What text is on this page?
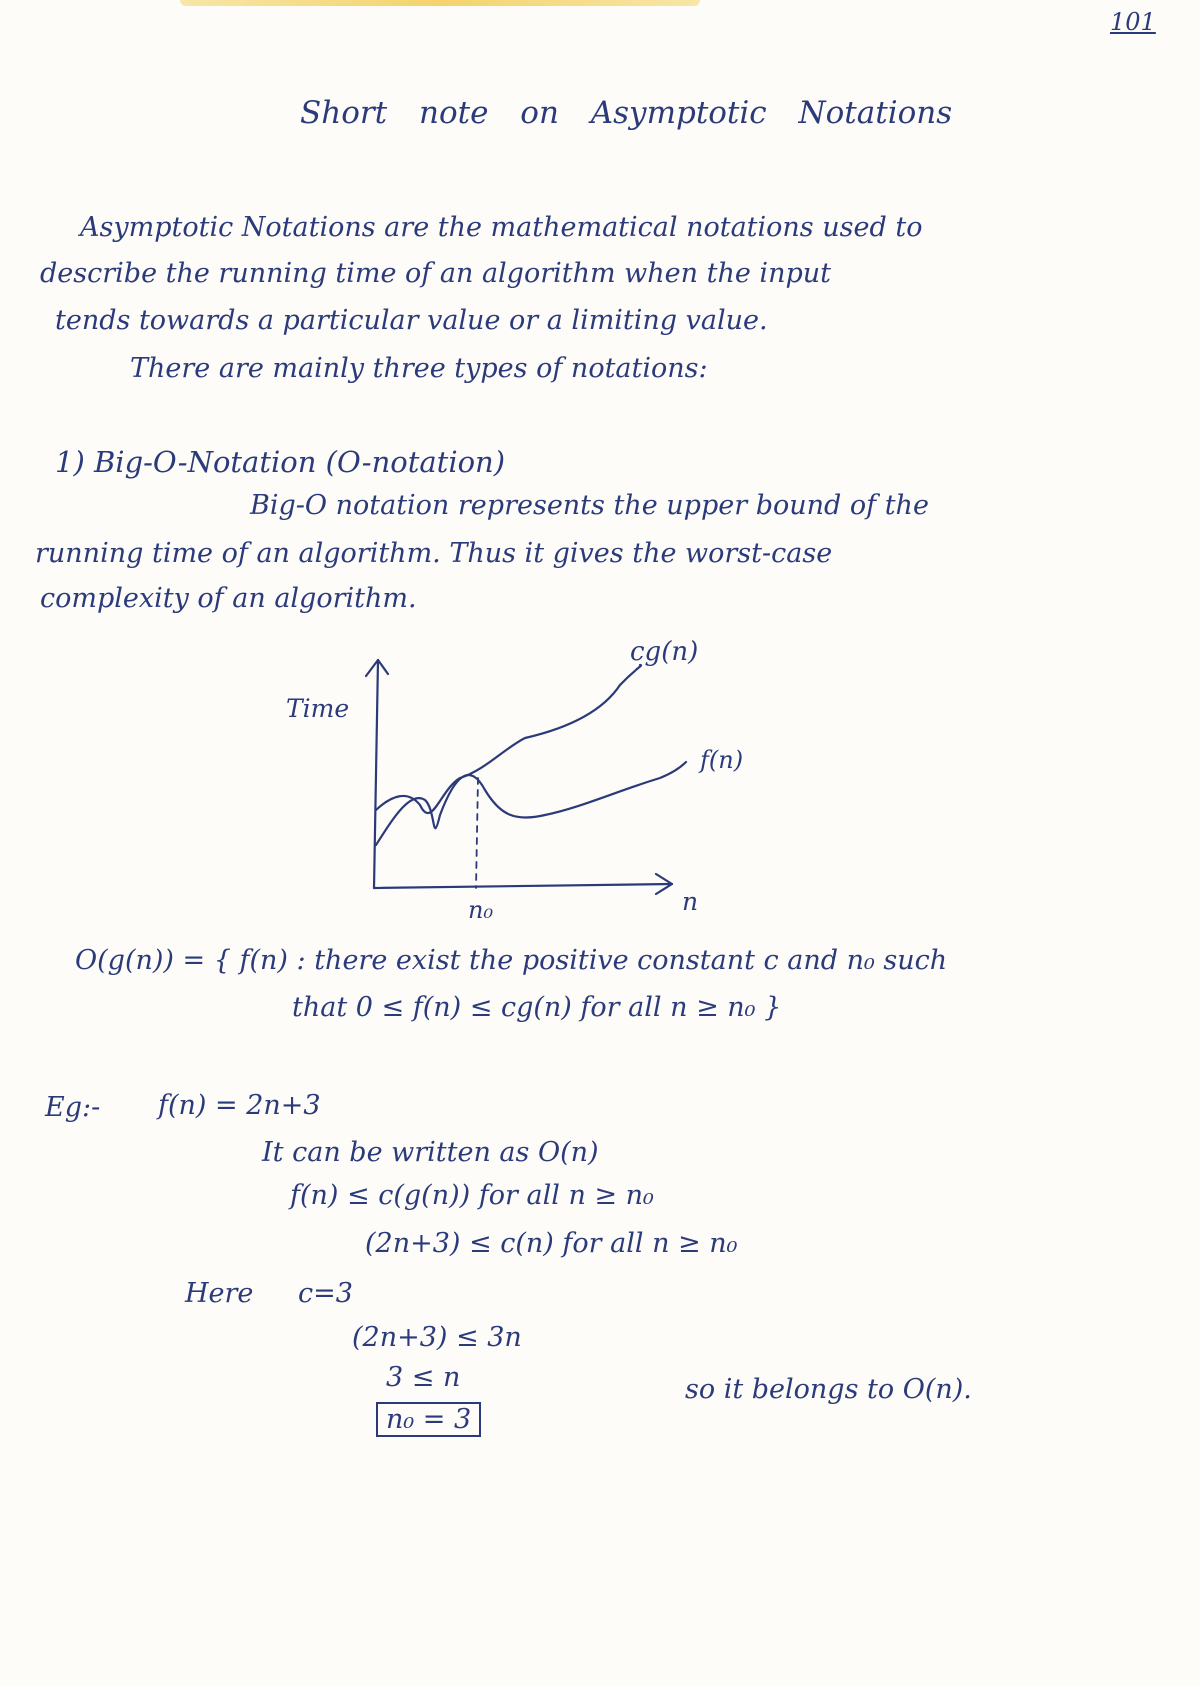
101
Short note on Asymptotic Notations
Asymptotic Notations are the mathematical notations used to
describe the running time of an algorithm when the input
tends towards a particular value or a limiting value.
There are mainly three types of notations:
1) Big-O-Notation (O-notation)
Big-O notation represents the upper bound of the
running time of an algorithm. Thus it gives the worst-case
complexity of an algorithm.
Time
n
cg(n)
f(n)
n₀
O(g(n)) = { f(n) : there exist the positive constant c and n₀ such
that 0 ≤ f(n) ≤ cg(n) for all n ≥ n₀ }
Eg:- f(n) = 2n+3
It can be written as O(n)
f(n) ≤ c(g(n)) for all n ≥ n₀
(2n+3) ≤ c(n) for all n ≥ n₀
Here c=3
(2n+3) ≤ 3n
3 ≤ n
n₀ = 3
so it belongs to O(n).
